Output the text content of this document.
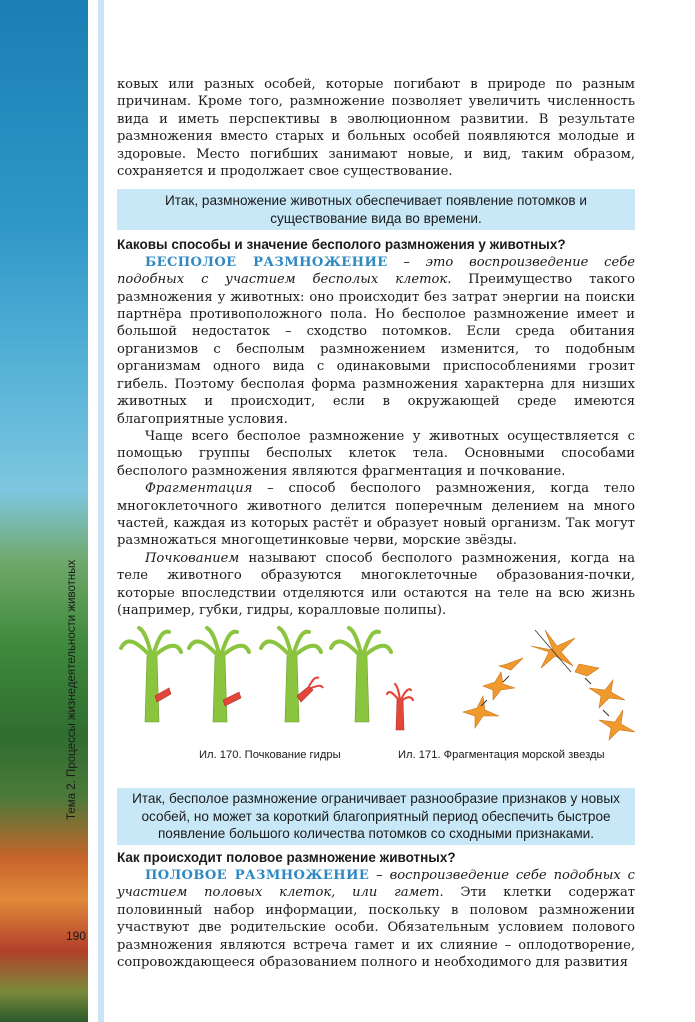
Тема 2. Процессы жизнедеятельности животных
190

ковых или разных особей, которые погибают в природе по разным причинам. Кроме того, размножение позволяет увеличить численность вида и иметь перспективы в эволюционном развитии. В результате размножения вместо старых и больных особей появляются молодые и здоровые. Место погибших занимают новые, и вид, таким образом, сохраняется и продолжает свое существование.

Итак, размножение животных обеспечивает появление потомков и существование вида во времени.
Каковы способы и значение бесполого размножения у животных?

БЕСПОЛОЕ РАЗМНОЖЕНИЕ – это воспроизведение себе подобных с участием бесполых клеток. Преимущество такого размножения у животных: оно происходит без затрат энергии на поиски партнёра противоположного пола. Но бесполое размножение имеет и большой недостаток – сходство потомков. Если среда обитания организмов с бесполым размножением изменится, то подобным организмам одного вида с одинаковыми приспособлениями грозит гибель. Поэтому бесполая форма размножения характерна для низших животных и происходит, если в окружающей среде имеются благоприятные условия.

Чаще всего бесполое размножение у животных осуществляется с помощью группы бесполых клеток тела. Основными способами бесполого размножения являются фрагментация и почкование.

Фрагментация – способ бесполого размножения, когда тело многоклеточного животного делится поперечным делением на много частей, каждая из которых растёт и образует новый организм. Так могут размножаться многощетинковые черви, морские звёзды.

Почкованием называют способ бесполого размножения, когда на теле животного образуются многоклеточные образования-почки, которые впоследствии отделяются или остаются на теле на всю жизнь (например, губки, гидры, коралловые полипы).

Ил. 170. Почкование гидры	Ил. 171. Фрагментация морской звезды
Итак, бесполое размножение ограничивает разнообразие признаков у новых особей, но может за короткий благоприятный период обеспечить быстрое появление большого количества потомков со сходными признаками.
Как происходит половое размножение животных?

ПОЛОВОЕ РАЗМНОЖЕНИЕ – воспроизведение себе подобных с участием половых клеток, или гамет. Эти клетки содержат половинный набор информации, поскольку в половом размножении участвуют две родительские особи. Обязательным условием полового размножения являются встреча гамет и их слияние – оплодотворение, сопровождающееся образованием полного и необходимого для развития
